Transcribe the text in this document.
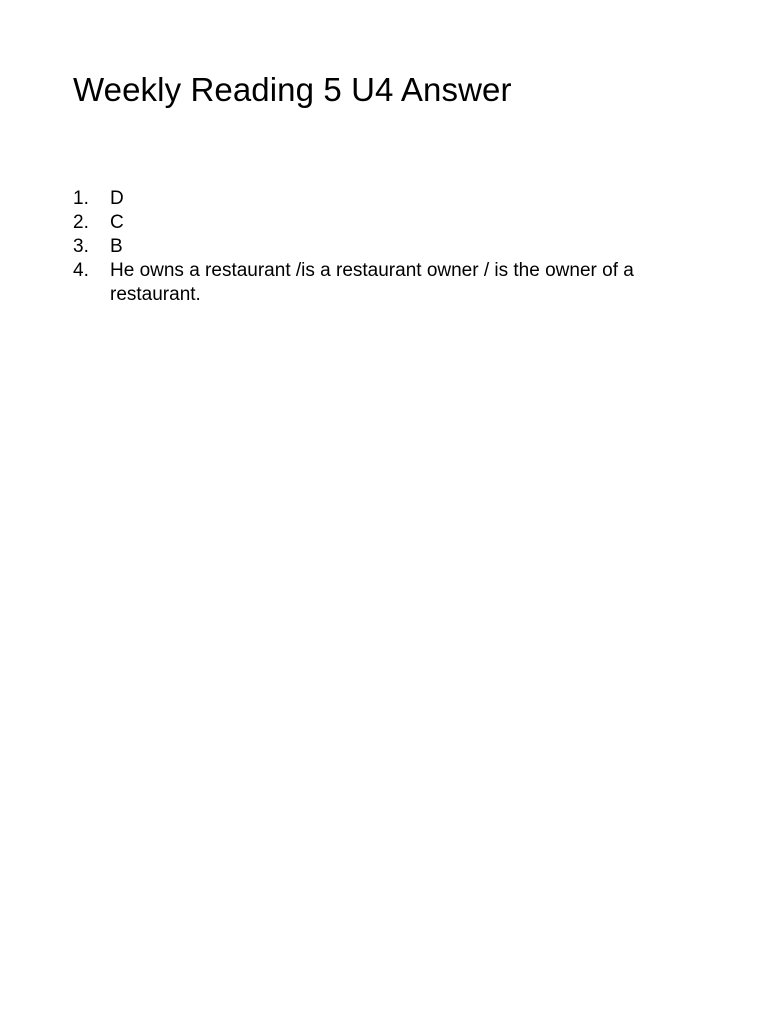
Weekly Reading 5 U4 Answer
1.	D
2.	C
3.	B
4.	He owns a restaurant /is a restaurant owner / is the owner of a restaurant.
